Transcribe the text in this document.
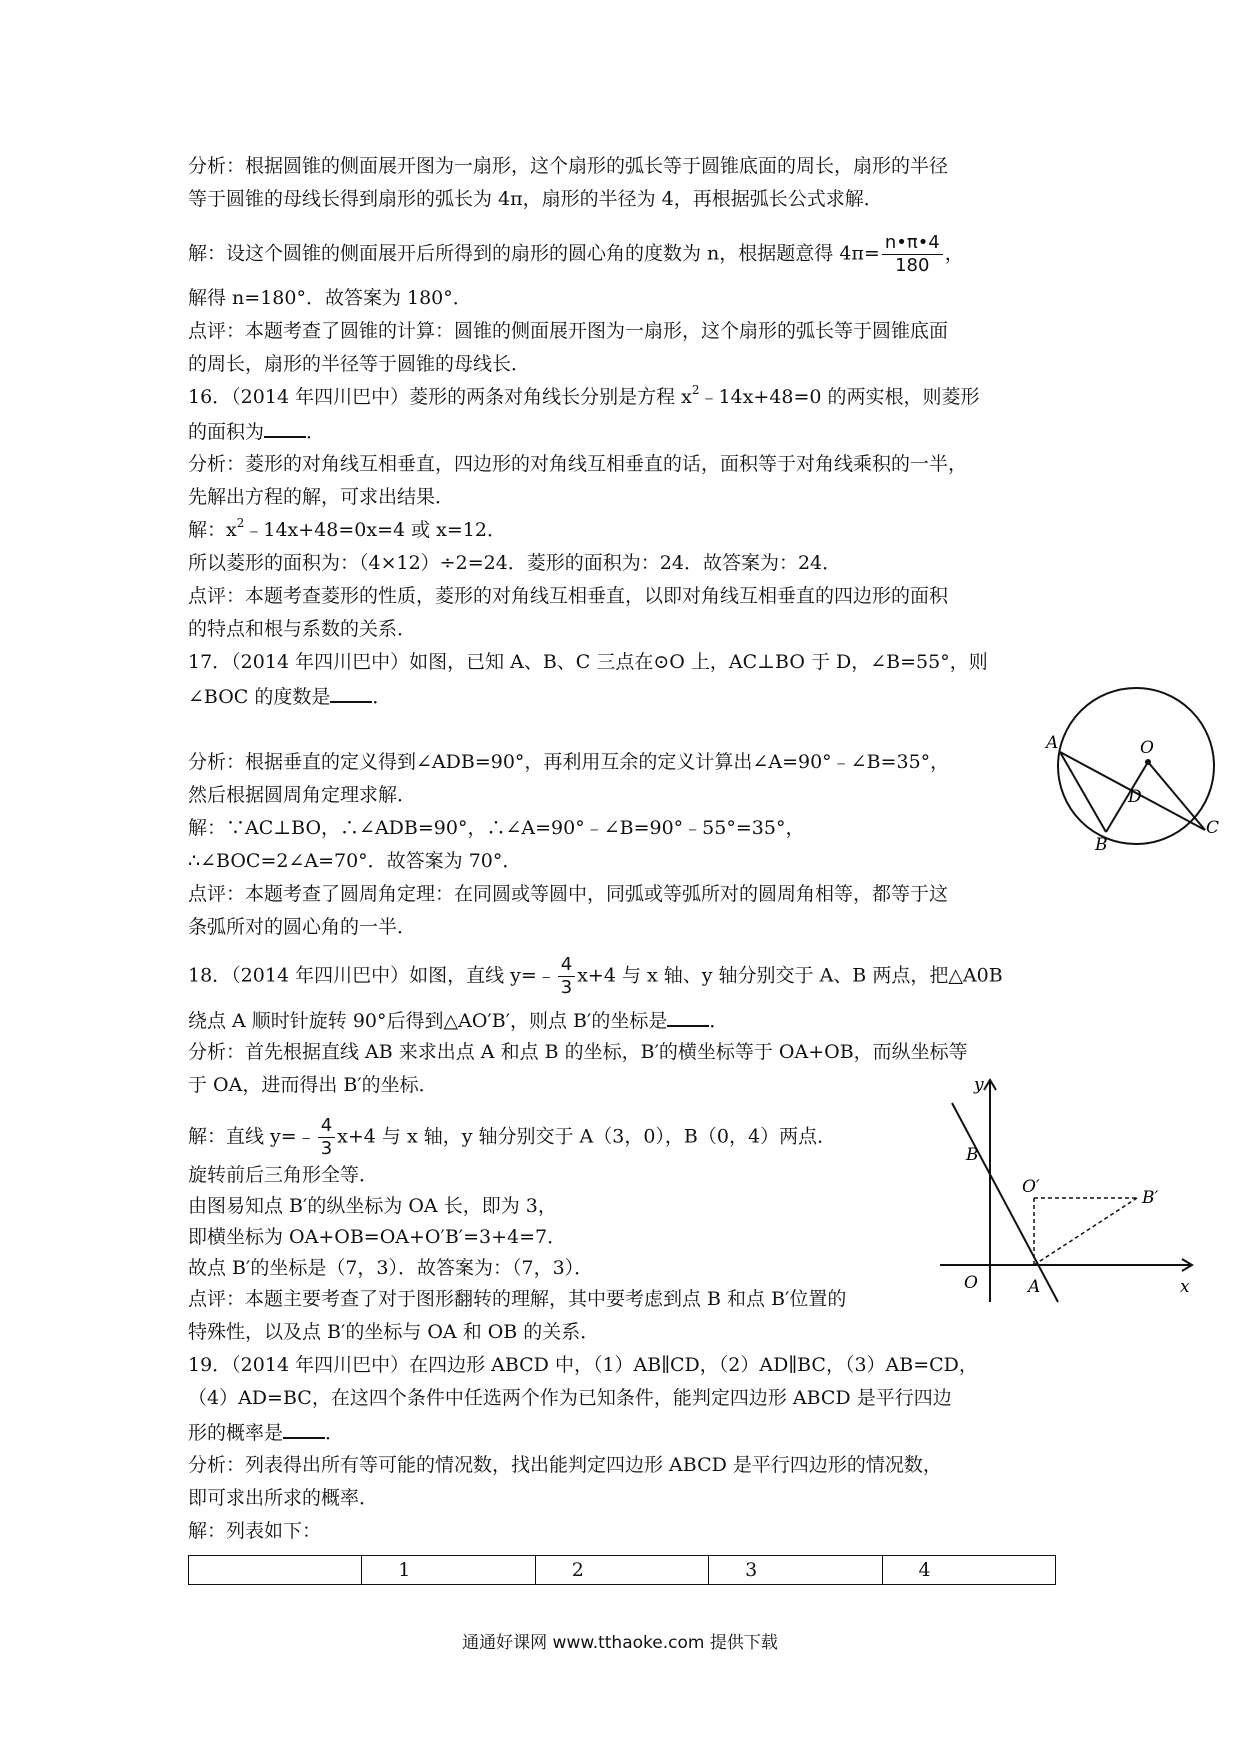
分析：根据圆锥的侧面展开图为一扇形，这个扇形的弧长等于圆锥底面的周长，扇形的半径
等于圆锥的母线长得到扇形的弧长为 4π，扇形的半径为 4，再根据弧长公式求解．
解：设这个圆锥的侧面展开后所得到的扇形的圆心角的度数为 n，根据题意得 $4\pi= \frac{n•\pi•4}{180}$ ，
解得 n=180°．故答案为 180°．
点评：本题考查了圆锥的计算：圆锥的侧面展开图为一扇形，这个扇形的弧长等于圆锥底面
的周长，扇形的半径等于圆锥的母线长．
16．（2014 年四川巴中）菱形的两条对角线长分别是方程 $x^2﹣14x+48=0$ 的两实根，则菱形
的面积为 ．
分析：菱形的对角线互相垂直，四边形的对角线互相垂直的话，面积等于对角线乘积的一半，
先解出方程的解，可求出结果．
解：$x^2﹣14x+48=0x=4$ 或 x=12．
所以菱形的面积为：（4×12）÷2=24．菱形的面积为：24．故答案为：24．
点评：本题考查菱形的性质，菱形的对角线互相垂直，以即对角线互相垂直的四边形的面积
的特点和根与系数的关系．
17．（2014 年四川巴中）如图，已知 A、B、C 三点在⊙O 上，AC⊥BO 于 D，∠B=55°，则
∠BOC 的度数是 ．
分析：根据垂直的定义得到∠ADB=90°，再利用互余的定义计算出∠A=90°﹣∠B=35°，
然后根据圆周角定理求解．
解：∵AC⊥BO，∴∠ADB=90°，∴∠A=90°﹣∠B=90°﹣55°=35°，
∴∠BOC=2∠A=70°．故答案为 70°．
点评：本题考查了圆周角定理：在同圆或等圆中，同弧或等弧所对的圆周角相等，都等于这
条弧所对的圆心角的一半．
A	O
D
B
C
18．（2014 年四川巴中）如图，直线 y=﹣ $\frac{4}{3} x+4$ 与 x 轴、y 轴分别交于 A、B 两点，把△A0B
绕点 A 顺时针旋转 90°后得到△AO′B′，则点 B′的坐标是 ．
分析：首先根据直线 AB 来求出点 A 和点 B 的坐标，B′的横坐标等于 OA+OB，而纵坐标等
于 OA，进而得出 B′的坐标．
解：直线 y=﹣ $\frac{4}{3} x+4$ 与 x 轴，y 轴分别交于 A（3，0），B（0，4）两点．
旋转前后三角形全等．
由图易知点 B′的纵坐标为 OA 长，即为 3，
即横坐标为 OA+OB=OA+O′B′=3+4=7．
故点 B′的坐标是（7，3）．故答案为：（7，3）．
点评：本题主要考查了对于图形翻转的理解，其中要考虑到点 B 和点 B′位置的
特殊性，以及点 B′的坐标与 OA 和 OB 的关系．
y
x
B
O′
B′
O	A
19．（2014 年四川巴中）在四边形 ABCD 中，（1）AB∥CD，（2）AD∥BC，（3）AB=CD，
（4）AD=BC，在这四个条件中任选两个作为已知条件，能判定四边形 ABCD 是平行四边
形的概率是 ．
分析：列表得出所有等可能的情况数，找出能判定四边形 ABCD 是平行四边形的情况数，
即可求出所求的概率．
解：列表如下：
	1	2	3	4
通通好课网 www.tthaoke.com 提供下载
